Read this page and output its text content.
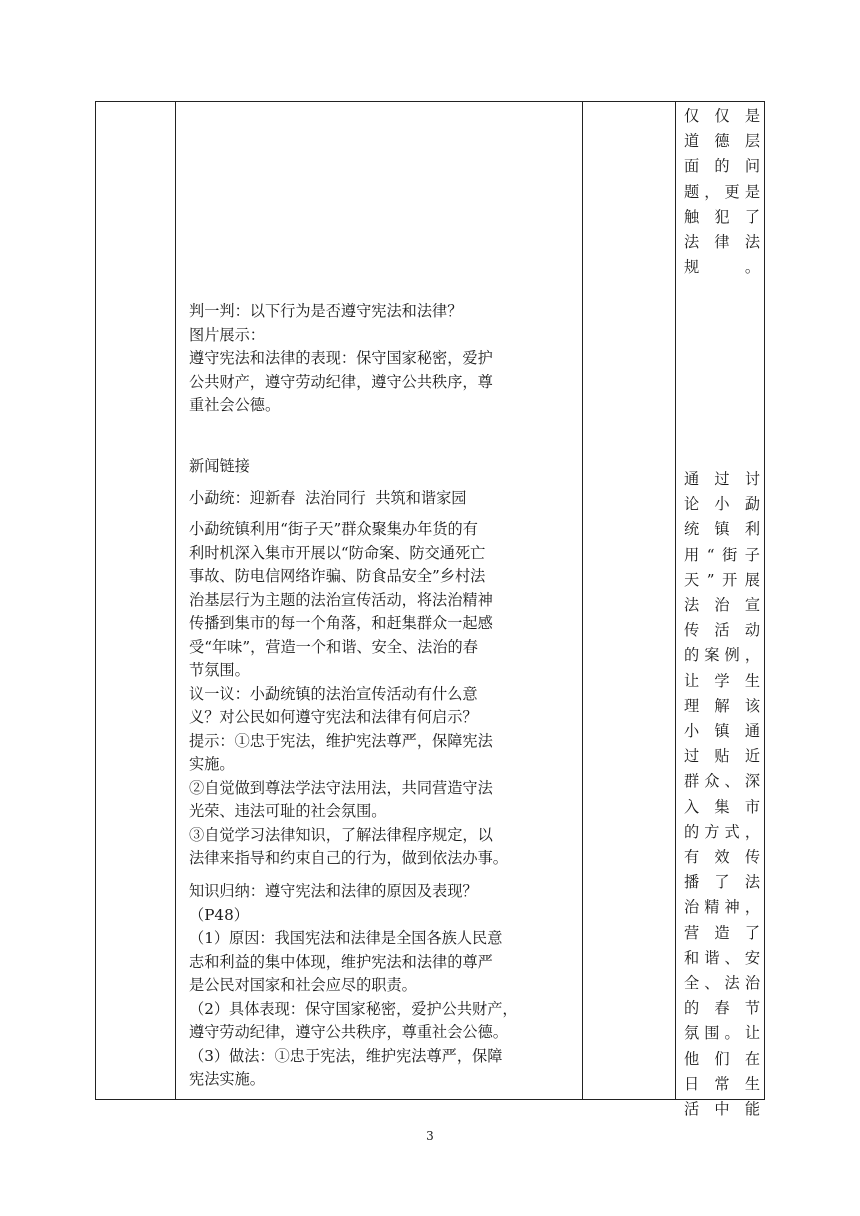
判一判：以下行为是否遵守宪法和法律？

图片展示：

遵守宪法和法律的表现：保守国家秘密，爱护

公共财产，遵守劳动纪律，遵守公共秩序，尊

重社会公德。

新闻链接

小勐统：迎新春  法治同行  共筑和谐家园

小勐统镇利用“街子天”群众聚集办年货的有

利时机深入集市开展以“防命案、防交通死亡

事故、防电信网络诈骗、防食品安全”乡村法

治基层行为主题的法治宣传活动，将法治精神

传播到集市的每一个角落，和赶集群众一起感

受“年味”，营造一个和谐、安全、法治的春

节氛围。

议一议：小勐统镇的法治宣传活动有什么意

义？对公民如何遵守宪法和法律有何启示？

提示：①忠于宪法，维护宪法尊严，保障宪法

实施。

②自觉做到尊法学法守法用法，共同营造守法

光荣、违法可耻的社会氛围。

③自觉学习法律知识，了解法律程序规定，以

法律来指导和约束自己的行为，做到依法办事。

知识归纳：遵守宪法和法律的原因及表现？

（P48）

（1）原因：我国宪法和法律是全国各族人民意

志和利益的集中体现，维护宪法和法律的尊严

是公民对国家和社会应尽的职责。

（2）具体表现：保守国家秘密，爱护公共财产，

遵守劳动纪律，遵守公共秩序，尊重社会公德。

（3）做法：①忠于宪法，维护宪法尊严，保障

宪法实施。

仅仅是

道德层

面的问

题，更是

触犯了

法律法

规。

通过讨

论小勐

统镇利

用“街子

天”开展

法治宣

传活动

的案例，

让学生

理解该

小镇通

过贴近

群众、深

入集市

的方式，

有效传

播了法

治精神，

营造了

和谐、安

全、法治

的春节

氛围。让

他们在

日常生

活中能

3
